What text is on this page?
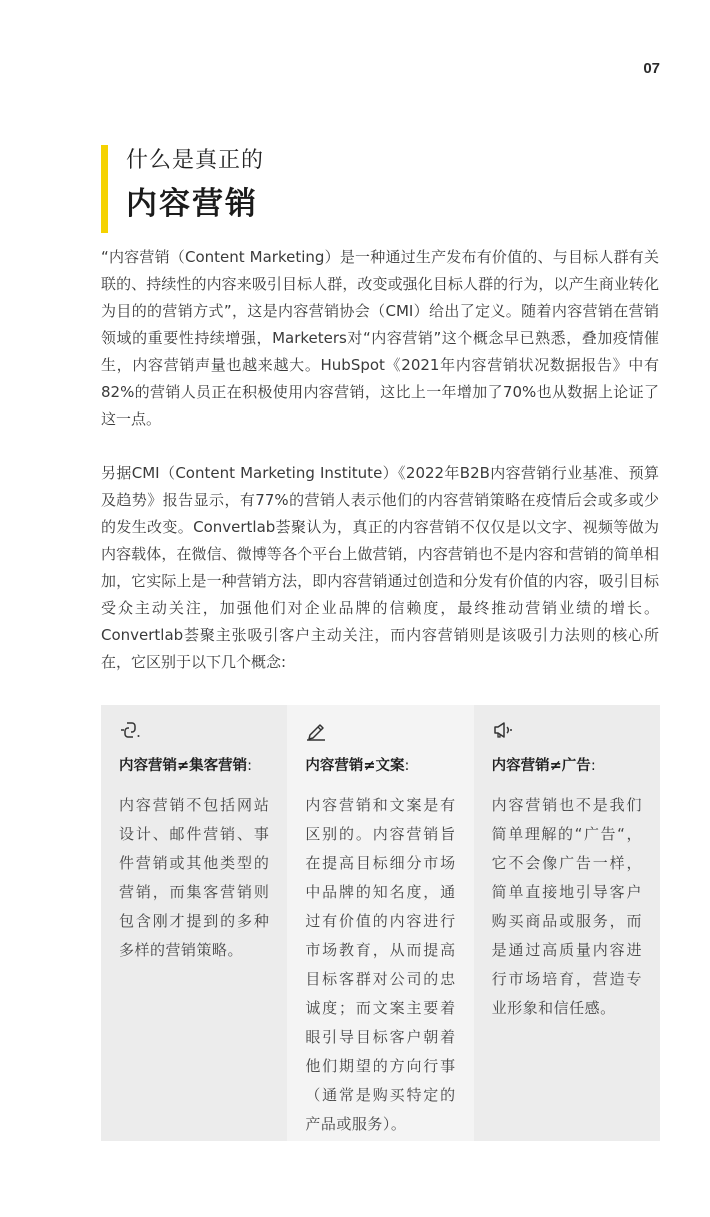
07
什么是真正的
内容营销

“内容营销（Content Marketing）是一种通过生产发布有价值的、与目标人群有关联的、持续性的内容来吸引目标人群，改变或强化目标人群的行为，以产生商业转化为目的的营销方式”，这是内容营销协会（CMI）给出了定义。随着内容营销在营销领域的重要性持续增强，Marketers对“内容营销”这个概念早已熟悉，叠加疫情催生，内容营销声量也越来越大。HubSpot《2021年内容营销状况数据报告》中有82%的营销人员正在积极使用内容营销，这比上一年增加了70%也从数据上论证了这一点。

另据CMI（Content Marketing Institute）《2022年B2B内容营销行业基准、预算及趋势》报告显示，有77%的营销人表示他们的内容营销策略在疫情后会或多或少的发生改变。Convertlab荟聚认为，真正的内容营销不仅仅是以文字、视频等做为内容载体，在微信、微博等各个平台上做营销，内容营销也不是内容和营销的简单相加，它实际上是一种营销方法，即内容营销通过创造和分发有价值的内容，吸引目标受众主动关注，加强他们对企业品牌的信赖度，最终推动营销业绩的增长。Convertlab荟聚主张吸引客户主动关注，而内容营销则是该吸引力法则的核心所在，它区别于以下几个概念:

内容营销≠集客营销:
内容营销不包括网站设计、邮件营销、事件营销或其他类型的营销，而集客营销则包含刚才提到的多种多样的营销策略。
内容营销≠文案:
内容营销和文案是有区别的。内容营销旨在提高目标细分市场中品牌的知名度，通过有价值的内容进行市场教育，从而提高目标客群对公司的忠诚度；而文案主要着眼引导目标客户朝着他们期望的方向行事（通常是购买特定的产品或服务）。
内容营销≠广告:
内容营销也不是我们简单理解的“广告“，它不会像广告一样，简单直接地引导客户购买商品或服务，而是通过高质量内容进行市场培育，营造专业形象和信任感。
